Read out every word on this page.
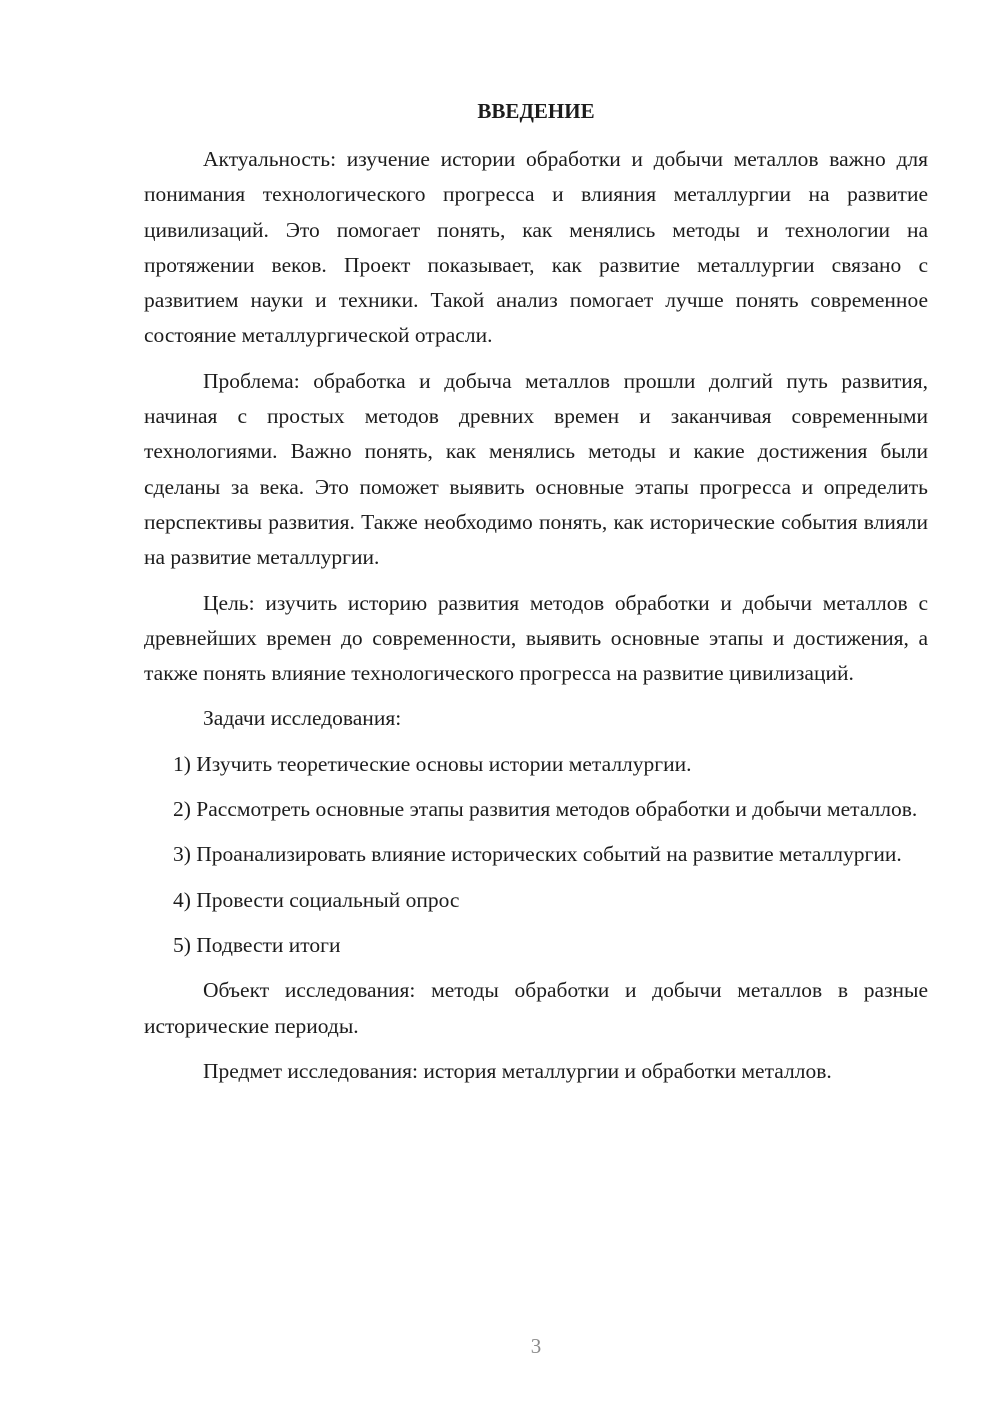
ВВЕДЕНИЕ

Актуальность: изучение истории обработки и добычи металлов важно для понимания технологического прогресса и влияния металлургии на развитие цивилизаций. Это помогает понять, как менялись методы и технологии на протяжении веков. Проект показывает, как развитие металлургии связано с развитием науки и техники. Такой анализ помогает лучше понять современное состояние металлургической отрасли.

Проблема: обработка и добыча металлов прошли долгий путь развития, начиная с простых методов древних времен и заканчивая современными технологиями. Важно понять, как менялись методы и какие достижения были сделаны за века. Это поможет выявить основные этапы прогресса и определить перспективы развития. Также необходимо понять, как исторические события влияли на развитие металлургии.

Цель: изучить историю развития методов обработки и добычи металлов с древнейших времен до современности, выявить основные этапы и достижения, а также понять влияние технологического прогресса на развитие цивилизаций.

Задачи исследования:

1) Изучить теоретические основы истории металлургии.

2) Рассмотреть основные этапы развития методов обработки и добычи металлов.

3) Проанализировать влияние исторических событий на развитие металлургии.

4) Провести социальный опрос

5) Подвести итоги

Объект исследования: методы обработки и добычи металлов в разные исторические периоды.

Предмет исследования: история металлургии и обработки металлов.

3
